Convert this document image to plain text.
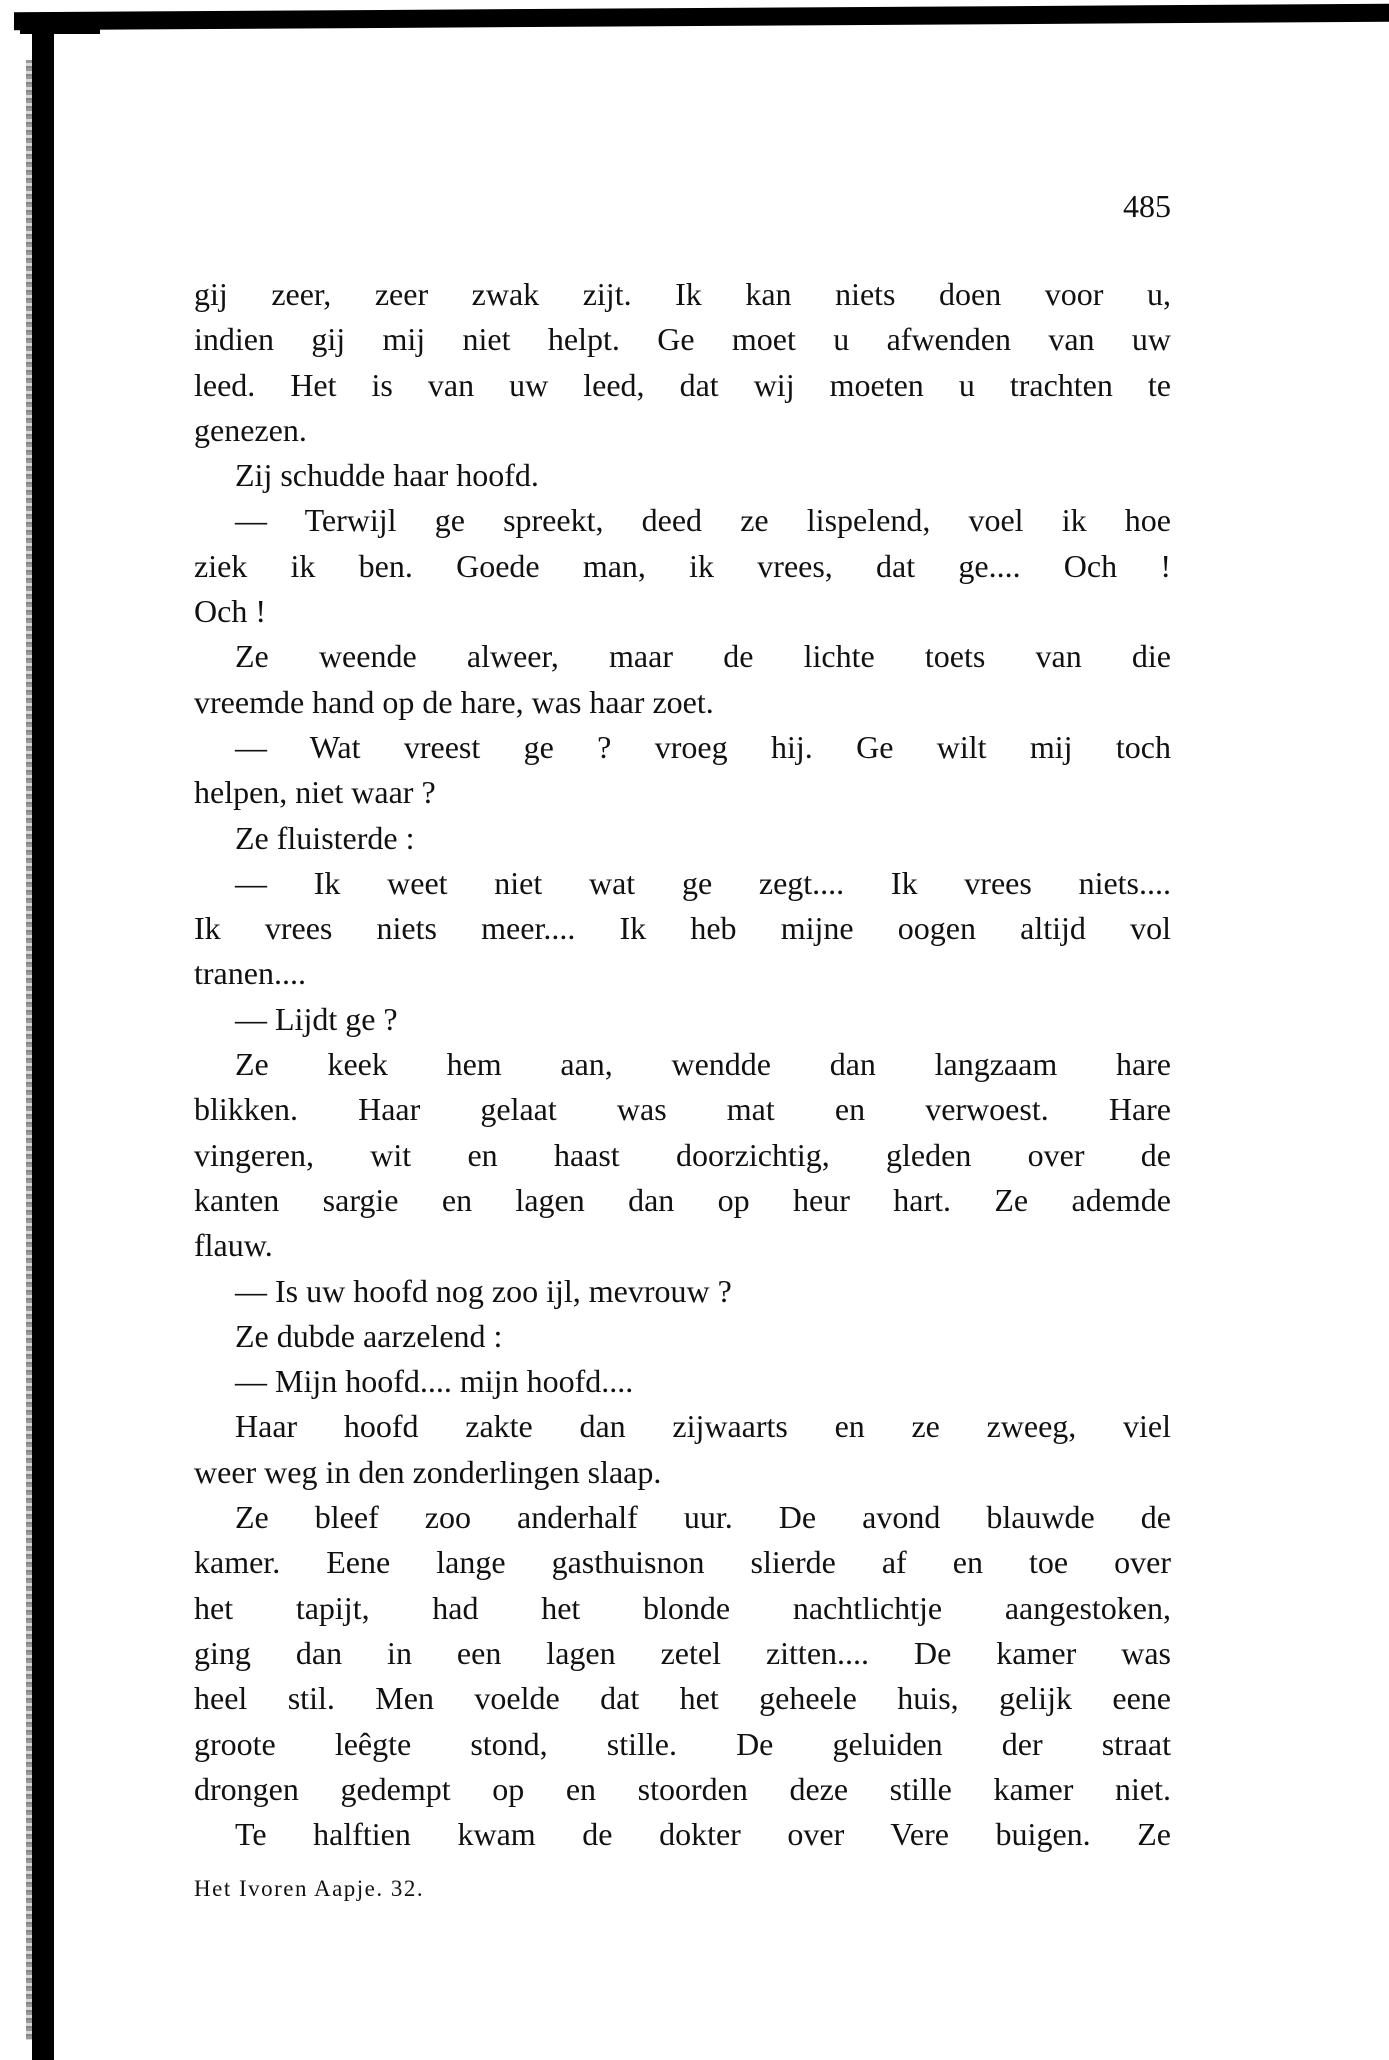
485
gij zeer, zeer zwak zijt. Ik kan niets doen voor u,
indien gij mij niet helpt. Ge moet u afwenden van uw
leed. Het is van uw leed, dat wij moeten u trachten te
genezen.
Zij schudde haar hoofd.
— Terwijl ge spreekt, deed ze lispelend, voel ik hoe
ziek ik ben. Goede man, ik vrees, dat ge.... Och !
Och !
Ze weende alweer, maar de lichte toets van die
vreemde hand op de hare, was haar zoet.
— Wat vreest ge ? vroeg hij. Ge wilt mij toch
helpen, niet waar ?
Ze fluisterde :
— Ik weet niet wat ge zegt.... Ik vrees niets....
Ik vrees niets meer.... Ik heb mijne oogen altijd vol
tranen....
— Lijdt ge ?
Ze keek hem aan, wendde dan langzaam hare
blikken. Haar gelaat was mat en verwoest. Hare
vingeren, wit en haast doorzichtig, gleden over de
kanten sargie en lagen dan op heur hart. Ze ademde
flauw.
— Is uw hoofd nog zoo ijl, mevrouw ?
Ze dubde aarzelend :
— Mijn hoofd.... mijn hoofd....
Haar hoofd zakte dan zijwaarts en ze zweeg, viel
weer weg in den zonderlingen slaap.
Ze bleef zoo anderhalf uur. De avond blauwde de
kamer. Eene lange gasthuisnon slierde af en toe over
het tapijt, had het blonde nachtlichtje aangestoken,
ging dan in een lagen zetel zitten.... De kamer was
heel stil. Men voelde dat het geheele huis, gelijk eene
groote leêgte stond, stille. De geluiden der straat
drongen gedempt op en stoorden deze stille kamer niet.
Te halftien kwam de dokter over Vere buigen. Ze
Het Ivoren Aapje. 32.
